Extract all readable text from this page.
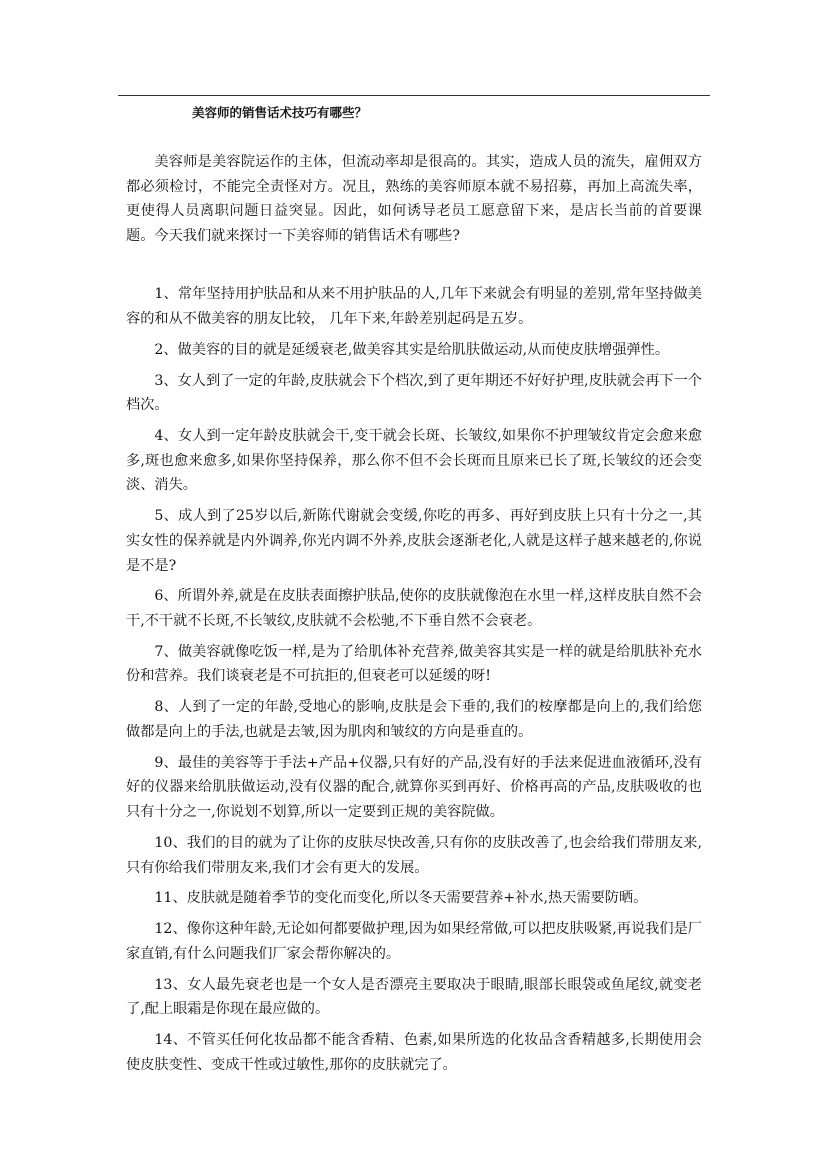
美容师的销售话术技巧有哪些？

美容师是美容院运作的主体，但流动率却是很高的。其实，造成人员的流失，雇佣双方都必须检讨，不能完全责怪对方。况且，熟练的美容师原本就不易招募，再加上高流失率，更使得人员离职问题日益突显。因此，如何诱导老员工愿意留下来，是店长当前的首要课题。今天我们就来探讨一下美容师的销售话术有哪些?

1、常年坚持用护肤品和从来不用护肤品的人,几年下来就会有明显的差别,常年坚持做美容的和从不做美容的朋友比较， 几年下来,年龄差别起码是五岁。

2、做美容的目的就是延缓衰老,做美容其实是给肌肤做运动,从而使皮肤增强弹性。

3、女人到了一定的年龄,皮肤就会下个档次,到了更年期还不好好护理,皮肤就会再下一个档次。

4、女人到一定年龄皮肤就会干,变干就会长斑、长皱纹,如果你不护理皱纹肯定会愈来愈多,斑也愈来愈多,如果你坚持保养，那么你不但不会长斑而且原来已长了斑,长皱纹的还会变淡、消失。

5、成人到了25岁以后,新陈代谢就会变缓,你吃的再多、再好到皮肤上只有十分之一,其实女性的保养就是内外调养,你光内调不外养,皮肤会逐渐老化,人就是这样子越来越老的,你说是不是?

6、所谓外养,就是在皮肤表面擦护肤品,使你的皮肤就像泡在水里一样,这样皮肤自然不会干,不干就不长斑,不长皱纹,皮肤就不会松驰,不下垂自然不会衰老。

7、做美容就像吃饭一样,是为了给肌体补充营养,做美容其实是一样的就是给肌肤补充水份和营养。我们谈衰老是不可抗拒的,但衰老可以延缓的呀!

8、人到了一定的年龄,受地心的影响,皮肤是会下垂的,我们的桉摩都是向上的,我们给您做都是向上的手法,也就是去皱,因为肌肉和皱纹的方向是垂直的。

9、最佳的美容等于手法+产品+仪器,只有好的产品,没有好的手法来促进血液循环,没有好的仪器来给肌肤做运动,没有仪器的配合,就算你买到再好、价格再高的产品,皮肤吸收的也只有十分之一,你说划不划算,所以一定要到正规的美容院做。

10、我们的目的就为了让你的皮肤尽快改善,只有你的皮肤改善了,也会给我们带朋友来,只有你给我们带朋友来,我们才会有更大的发展。

11、皮肤就是随着季节的变化而变化,所以冬天需要营养+补水,热天需要防晒。

12、像你这种年龄,无论如何都要做护理,因为如果经常做,可以把皮肤吸紧,再说我们是厂家直销,有什么问题我们厂家会帮你解决的。

13、女人最先衰老也是一个女人是否漂亮主要取决于眼睛,眼部长眼袋或鱼尾纹,就变老了,配上眼霜是你现在最应做的。

14、不管买任何化妆品都不能含香精、色素,如果所选的化妆品含香精越多,长期使用会使皮肤变性、变成干性或过敏性,那你的皮肤就完了。
